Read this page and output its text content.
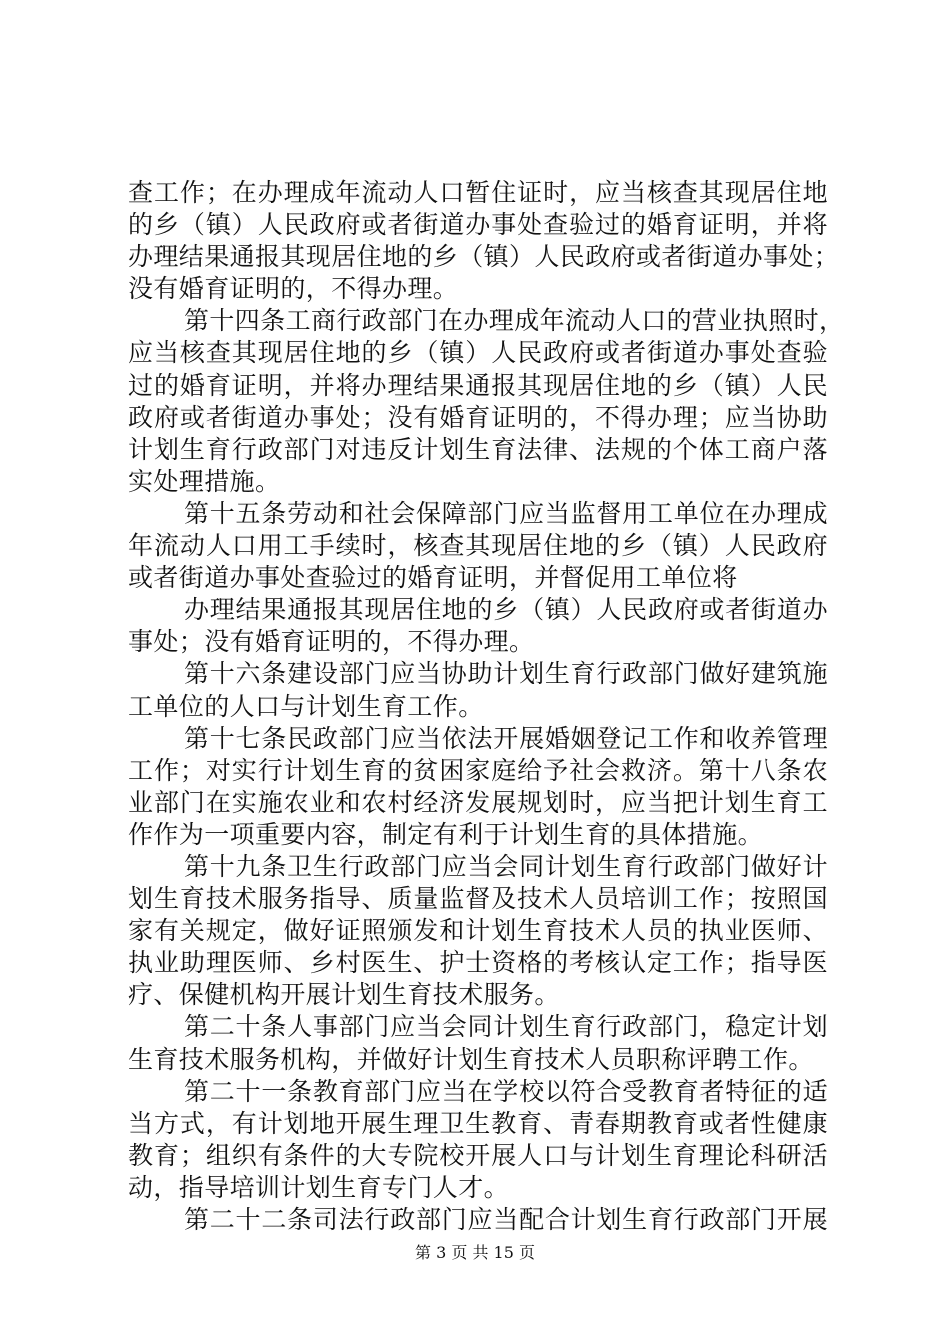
查工作；在办理成年流动人口暂住证时，应当核查其现居住地
的乡（镇）人民政府或者街道办事处查验过的婚育证明，并将
办理结果通报其现居住地的乡（镇）人民政府或者街道办事处；
没有婚育证明的，不得办理。
第十四条工商行政部门在办理成年流动人口的营业执照时，
应当核查其现居住地的乡（镇）人民政府或者街道办事处查验
过的婚育证明，并将办理结果通报其现居住地的乡（镇）人民
政府或者街道办事处；没有婚育证明的，不得办理；应当协助
计划生育行政部门对违反计划生育法律、法规的个体工商户落
实处理措施。
第十五条劳动和社会保障部门应当监督用工单位在办理成
年流动人口用工手续时，核查其现居住地的乡（镇）人民政府
或者街道办事处查验过的婚育证明，并督促用工单位将
办理结果通报其现居住地的乡（镇）人民政府或者街道办
事处；没有婚育证明的，不得办理。
第十六条建设部门应当协助计划生育行政部门做好建筑施
工单位的人口与计划生育工作。
第十七条民政部门应当依法开展婚姻登记工作和收养管理
工作；对实行计划生育的贫困家庭给予社会救济。第十八条农
业部门在实施农业和农村经济发展规划时，应当把计划生育工
作作为一项重要内容，制定有利于计划生育的具体措施。
第十九条卫生行政部门应当会同计划生育行政部门做好计
划生育技术服务指导、质量监督及技术人员培训工作；按照国
家有关规定，做好证照颁发和计划生育技术人员的执业医师、
执业助理医师、乡村医生、护士资格的考核认定工作；指导医
疗、保健机构开展计划生育技术服务。
第二十条人事部门应当会同计划生育行政部门，稳定计划
生育技术服务机构，并做好计划生育技术人员职称评聘工作。
第二十一条教育部门应当在学校以符合受教育者特征的适
当方式，有计划地开展生理卫生教育、青春期教育或者性健康
教育；组织有条件的大专院校开展人口与计划生育理论科研活
动，指导培训计划生育专门人才。
第二十二条司法行政部门应当配合计划生育行政部门开展
第 3 页 共 15 页
